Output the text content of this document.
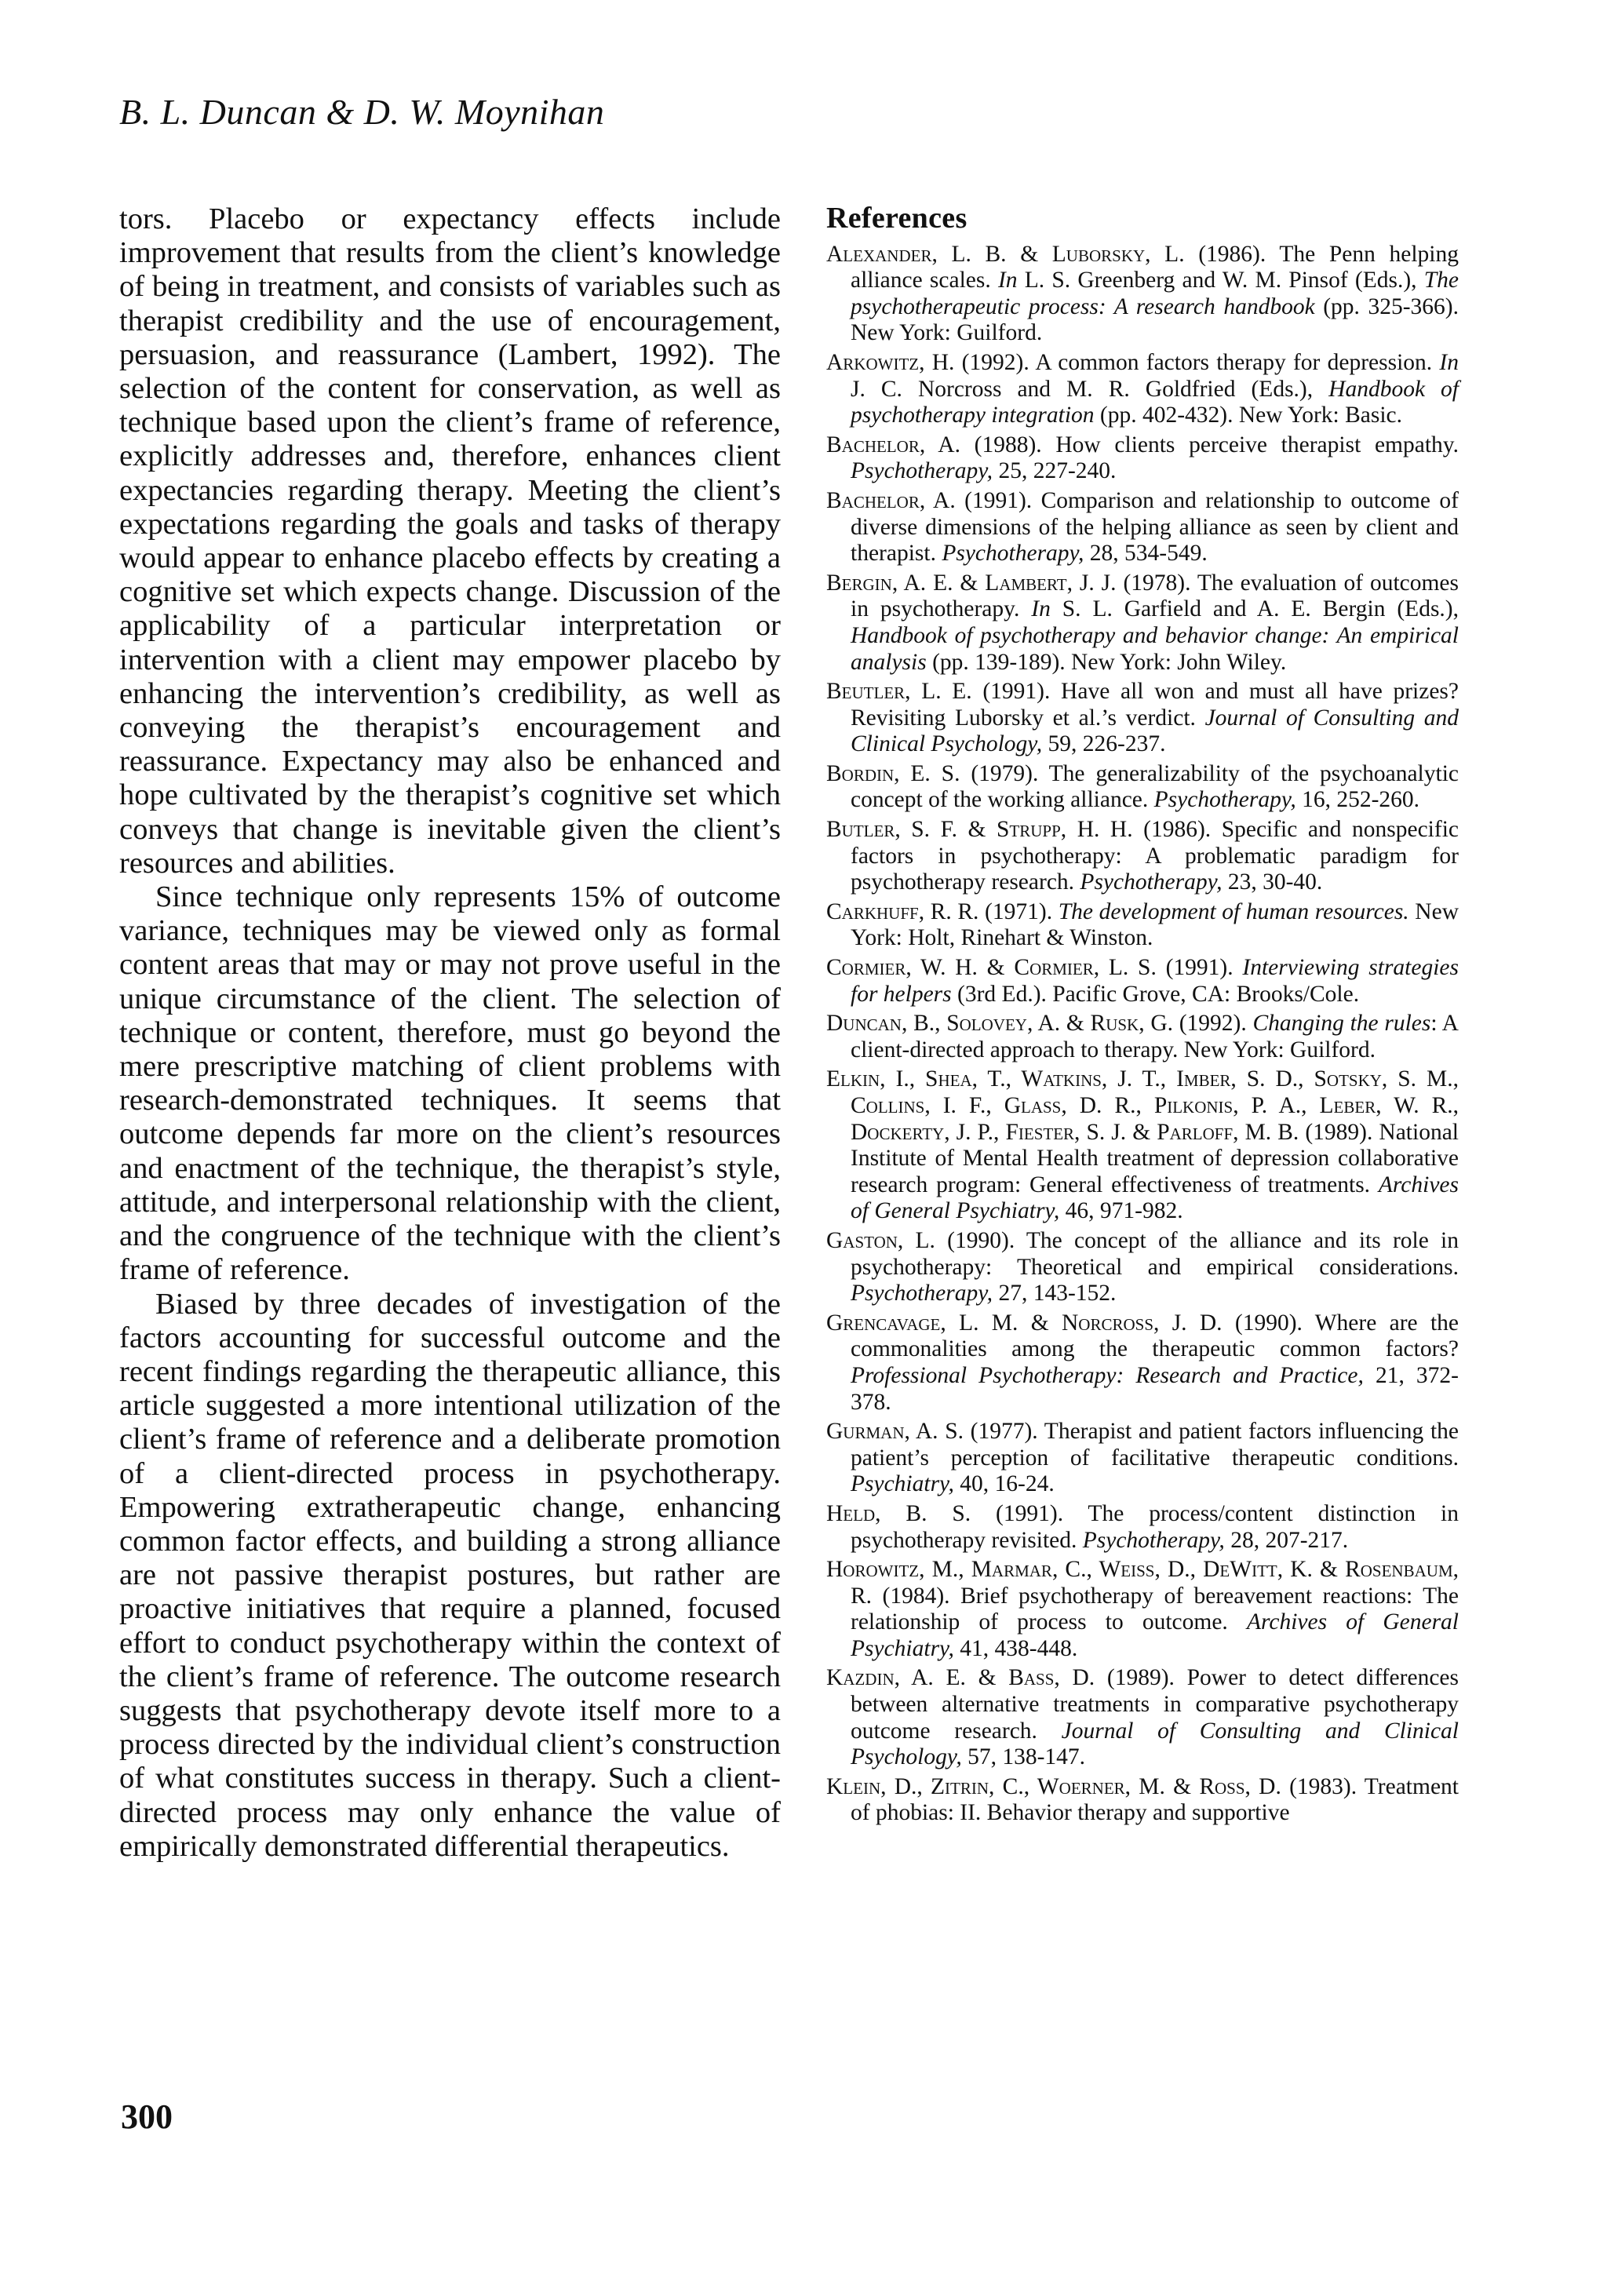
B. L. Duncan & D. W. Moynihan

tors. Placebo or expectancy effects include improvement that results from the client’s knowledge of being in treatment, and consists of variables such as therapist credibility and the use of encouragement, persuasion, and reassurance (Lambert, 1992). The selection of the content for conservation, as well as technique based upon the client’s frame of reference, explicitly addresses and, therefore, enhances client expectancies regarding therapy. Meeting the client’s expectations regarding the goals and tasks of therapy would appear to enhance placebo effects by creating a cognitive set which expects change. Discussion of the applicability of a particular interpretation or intervention with a client may empower placebo by enhancing the intervention’s credibility, as well as conveying the therapist’s encouragement and reassurance. Expectancy may also be enhanced and hope cultivated by the therapist’s cognitive set which conveys that change is inevitable given the client’s resources and abilities.

Since technique only represents 15% of outcome variance, techniques may be viewed only as formal content areas that may or may not prove useful in the unique circumstance of the client. The selection of technique or content, therefore, must go beyond the mere prescriptive matching of client problems with research-demonstrated techniques. It seems that outcome depends far more on the client’s resources and enactment of the technique, the therapist’s style, attitude, and interpersonal relationship with the client, and the congruence of the technique with the client’s frame of reference.

Biased by three decades of investigation of the factors accounting for successful outcome and the recent findings regarding the therapeutic alliance, this article suggested a more intentional utilization of the client’s frame of reference and a deliberate promotion of a client-directed process in psychotherapy. Empowering extratherapeutic change, enhancing common factor effects, and building a strong alliance are not passive therapist postures, but rather are proactive initiatives that require a planned, focused effort to conduct psychotherapy within the context of the client’s frame of reference. The outcome research suggests that psychotherapy devote itself more to a process directed by the individual client’s construction of what constitutes success in therapy. Such a client-directed process may only enhance the value of empirically demonstrated differential therapeutics.

References
Alexander, L. B. & Luborsky, L. (1986). The Penn helping alliance scales. In L. S. Greenberg and W. M. Pinsof (Eds.), The psychotherapeutic process: A research handbook (pp. 325-366). New York: Guilford.
Arkowitz, H. (1992). A common factors therapy for depression. In J. C. Norcross and M. R. Goldfried (Eds.), Handbook of psychotherapy integration (pp. 402-432). New York: Basic.
Bachelor, A. (1988). How clients perceive therapist empathy. Psychotherapy, 25, 227-240.
Bachelor, A. (1991). Comparison and relationship to outcome of diverse dimensions of the helping alliance as seen by client and therapist. Psychotherapy, 28, 534-549.
Bergin, A. E. & Lambert, J. J. (1978). The evaluation of outcomes in psychotherapy. In S. L. Garfield and A. E. Bergin (Eds.), Handbook of psychotherapy and behavior change: An empirical analysis (pp. 139-189). New York: John Wiley.
Beutler, L. E. (1991). Have all won and must all have prizes? Revisiting Luborsky et al.’s verdict. Journal of Consulting and Clinical Psychology, 59, 226-237.
Bordin, E. S. (1979). The generalizability of the psychoanalytic concept of the working alliance. Psychotherapy, 16, 252-260.
Butler, S. F. & Strupp, H. H. (1986). Specific and nonspecific factors in psychotherapy: A problematic paradigm for psychotherapy research. Psychotherapy, 23, 30-40.
Carkhuff, R. R. (1971). The development of human resources. New York: Holt, Rinehart & Winston.
Cormier, W. H. & Cormier, L. S. (1991). Interviewing strategies for helpers (3rd Ed.). Pacific Grove, CA: Brooks/Cole.
Duncan, B., Solovey, A. & Rusk, G. (1992). Changing the rules: A client-directed approach to therapy. New York: Guilford.
Elkin, I., Shea, T., Watkins, J. T., Imber, S. D., Sotsky, S. M., Collins, I. F., Glass, D. R., Pilkonis, P. A., Leber, W. R., Dockerty, J. P., Fiester, S. J. & Parloff, M. B. (1989). National Institute of Mental Health treatment of depression collaborative research program: General effectiveness of treatments. Archives of General Psychiatry, 46, 971-982.
Gaston, L. (1990). The concept of the alliance and its role in psychotherapy: Theoretical and empirical considerations. Psychotherapy, 27, 143-152.
Grencavage, L. M. & Norcross, J. D. (1990). Where are the commonalities among the therapeutic common factors? Professional Psychotherapy: Research and Practice, 21, 372-378.
Gurman, A. S. (1977). Therapist and patient factors influencing the patient’s perception of facilitative therapeutic conditions. Psychiatry, 40, 16-24.
Held, B. S. (1991). The process/content distinction in psychotherapy revisited. Psychotherapy, 28, 207-217.
Horowitz, M., Marmar, C., Weiss, D., DeWitt, K. & Rosenbaum, R. (1984). Brief psychotherapy of bereavement reactions: The relationship of process to outcome. Archives of General Psychiatry, 41, 438-448.
Kazdin, A. E. & Bass, D. (1989). Power to detect differences between alternative treatments in comparative psychotherapy outcome research. Journal of Consulting and Clinical Psychology, 57, 138-147.
Klein, D., Zitrin, C., Woerner, M. & Ross, D. (1983). Treatment of phobias: II. Behavior therapy and supportive
300
